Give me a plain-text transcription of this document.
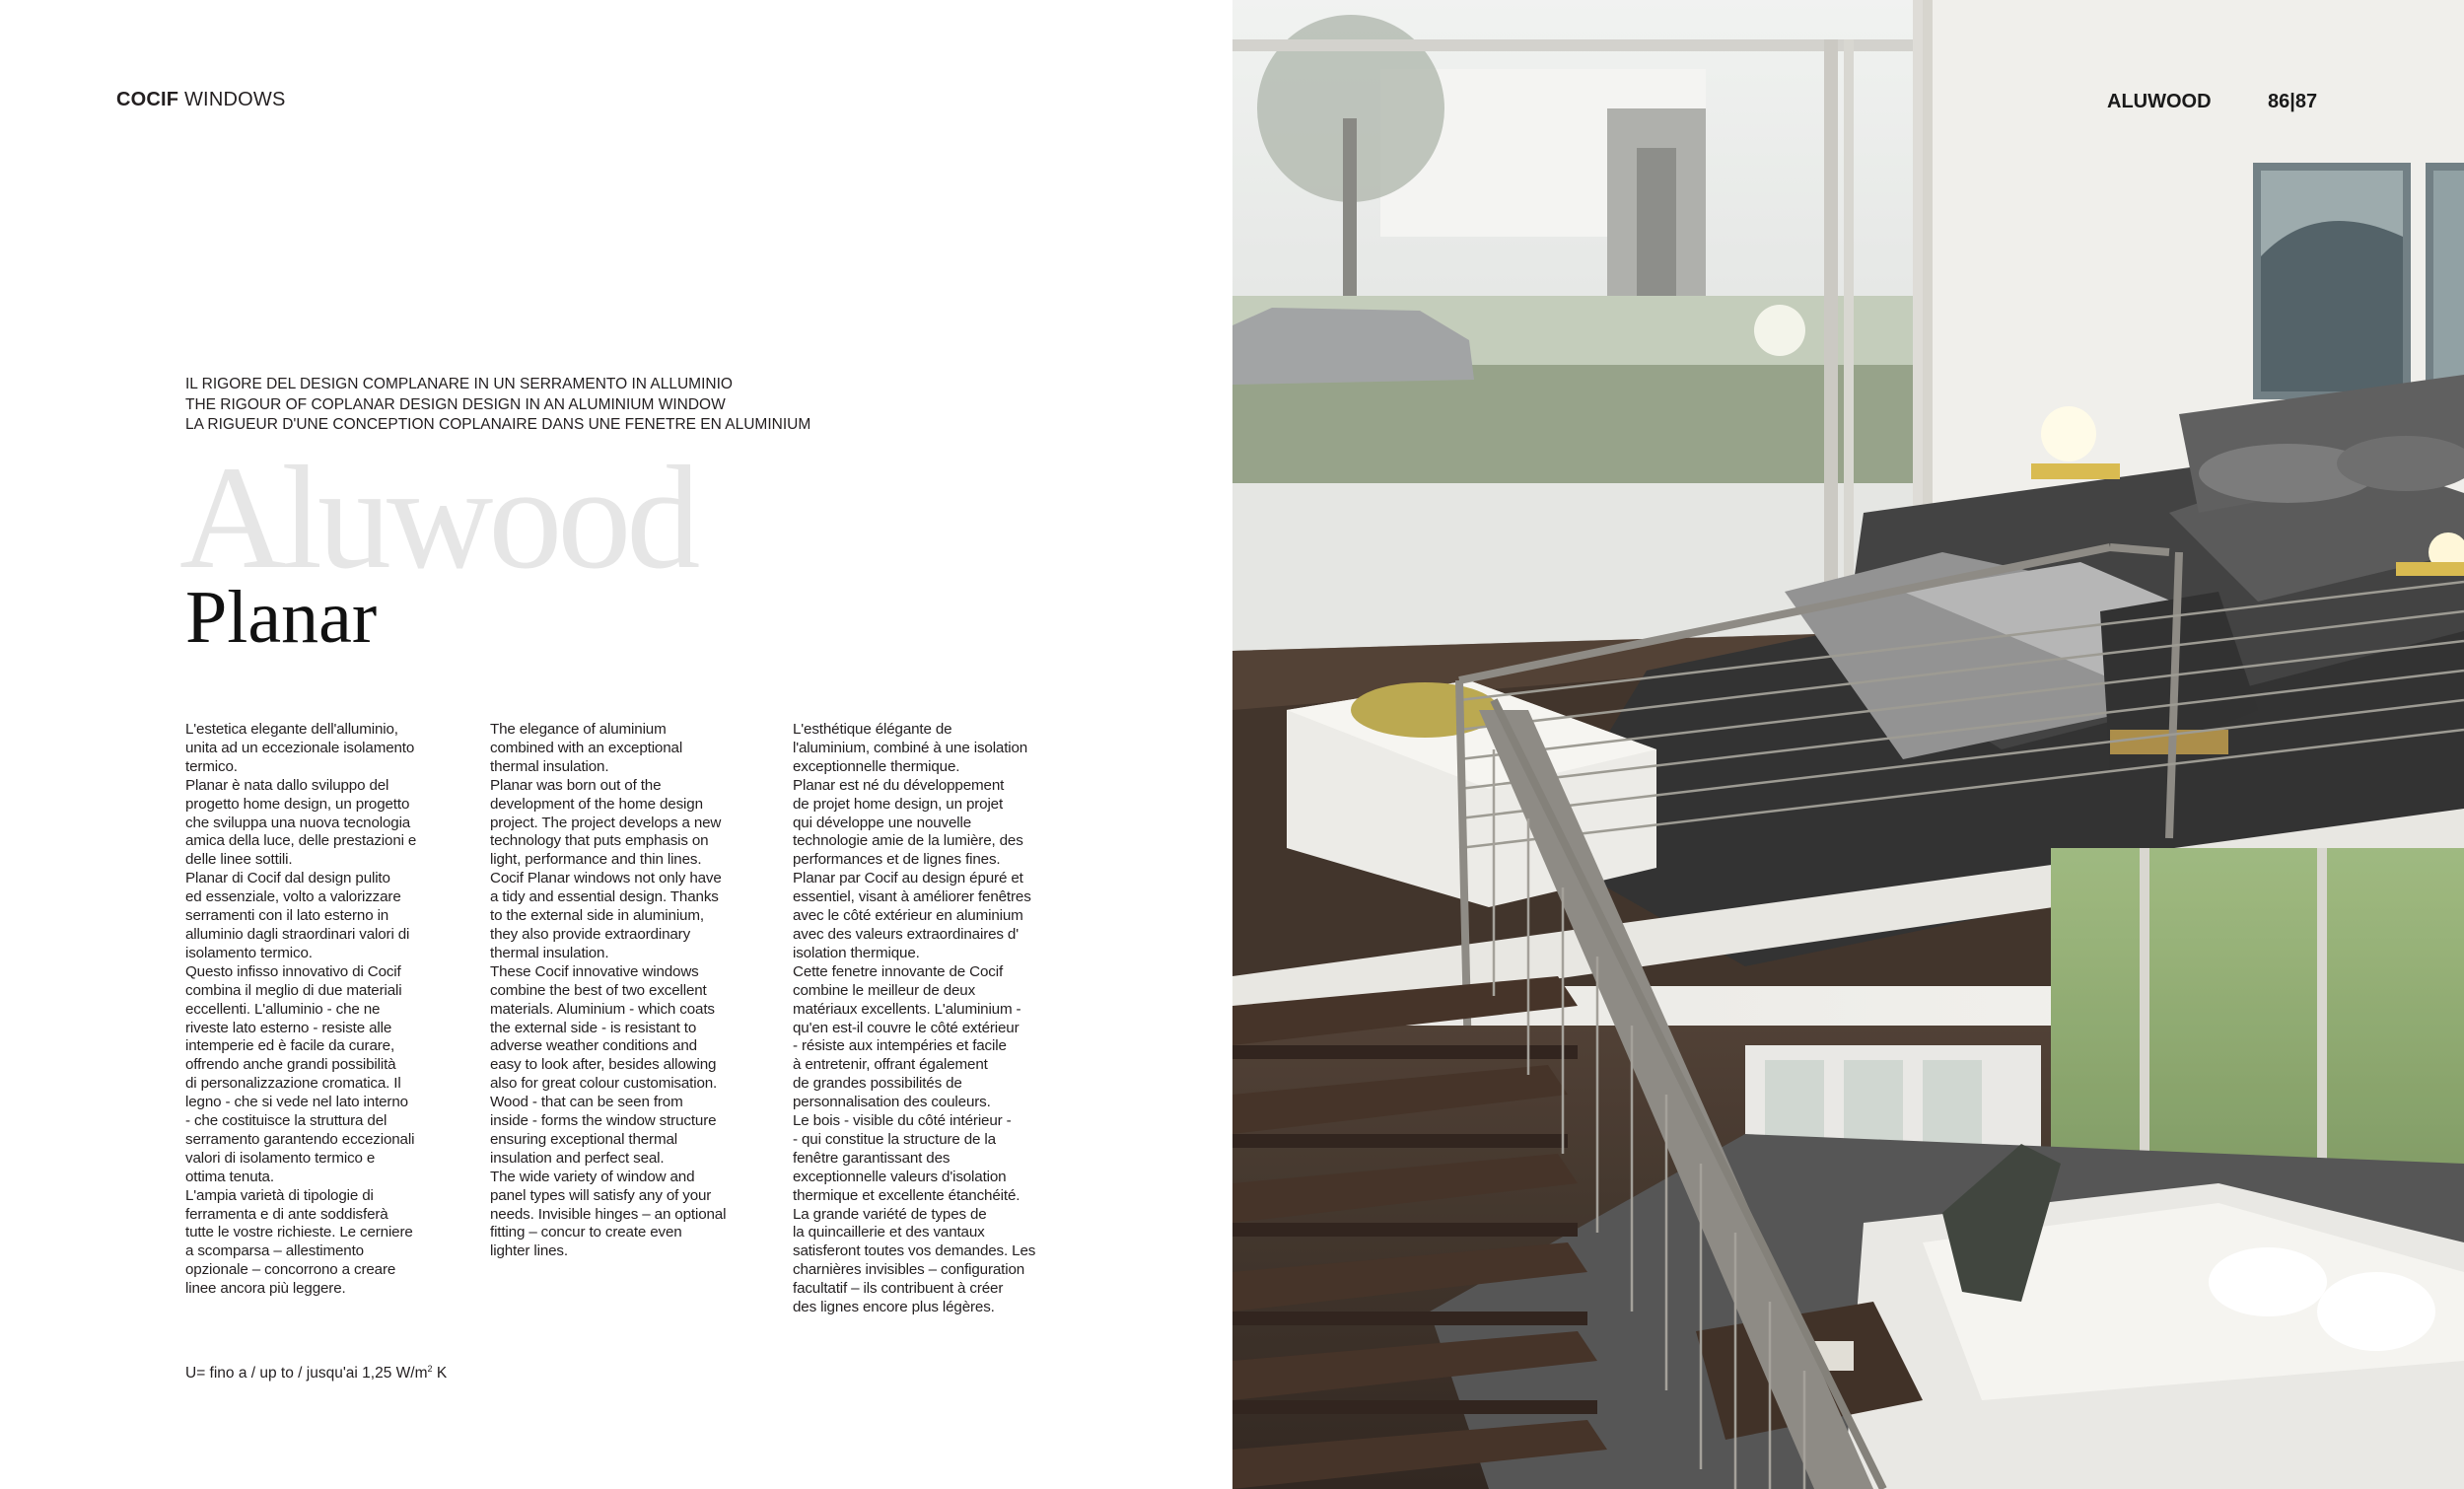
COCIF WINDOWS
IL RIGORE DEL DESIGN COMPLANARE IN UN SERRAMENTO IN ALLUMINIO
THE RIGOUR OF COPLANAR DESIGN DESIGN IN AN ALUMINIUM WINDOW
LA RIGUEUR D'UNE CONCEPTION COPLANAIRE DANS UNE FENETRE EN ALUMINIUM
Aluwood
Planar

L'estetica elegante dell'alluminio,

unita ad un eccezionale isolamento

termico.

Planar è nata dallo sviluppo del

progetto home design, un progetto

che sviluppa una nuova tecnologia

amica della luce, delle prestazioni e

delle linee sottili.

Planar di Cocif dal design pulito

ed essenziale, volto a valorizzare

serramenti con il lato esterno in

alluminio dagli straordinari valori di

isolamento termico.

Questo infisso innovativo di Cocif

combina il meglio di due materiali

eccellenti. L'alluminio - che ne

riveste lato esterno - resiste alle

intemperie ed è facile da curare,

offrendo anche grandi possibilità

di personalizzazione cromatica. Il

legno - che si vede nel lato interno

- che costituisce la struttura del

serramento garantendo eccezionali

valori di isolamento termico e

ottima tenuta.

L'ampia varietà di tipologie di

ferramenta e di ante soddisferà

tutte le vostre richieste. Le cerniere

a scomparsa – allestimento

opzionale – concorrono a creare

linee ancora più leggere.

The elegance of aluminium

combined with an exceptional

thermal insulation.

Planar was born out of the

development of the home design

project. The project develops a new

technology that puts emphasis on

light, performance and thin lines.

Cocif Planar windows not only have

a tidy and essential design. Thanks

to the external side in aluminium,

they also provide extraordinary

thermal insulation.

These Cocif innovative windows

combine the best of two excellent

materials. Aluminium - which coats

the external side - is resistant to

adverse weather conditions and

easy to look after, besides allowing

also for great colour customisation.

Wood - that can be seen from

inside - forms the window structure

ensuring exceptional thermal

insulation and perfect seal.

The wide variety of window and

panel types will satisfy any of your

needs. Invisible hinges – an optional

fitting – concur to create even

lighter lines.

L'esthétique élégante de

l'aluminium, combiné à une isolation

exceptionnelle thermique.

Planar est né du développement

de projet home design, un projet

qui développe une nouvelle

technologie amie de la lumière, des

performances et de lignes fines.

Planar par Cocif au design épuré et

essentiel, visant à améliorer fenêtres

avec le côté extérieur en aluminium

avec des valeurs extraordinaires d'

isolation thermique.

Cette fenetre innovante de Cocif

combine le meilleur de deux

matériaux excellents. L'aluminium -

qu'en est-il couvre le côté extérieur

- résiste aux intempéries et facile

à entretenir, offrant également

de grandes possibilités de

personnalisation des couleurs.

Le bois - visible du côté intérieur -

- qui constitue la structure de la

fenêtre garantissant des

exceptionnelle valeurs d'isolation

thermique et excellente étanchéité.

La grande variété de types de

la quincaillerie et des vantaux

satisferont toutes vos demandes. Les

charnières invisibles – configuration

facultatif – ils contribuent à créer

des lignes encore plus légères.

U= fino a / up to / jusqu'ai 1,25 $W/m^2$ K
ALUWOOD	86|87
